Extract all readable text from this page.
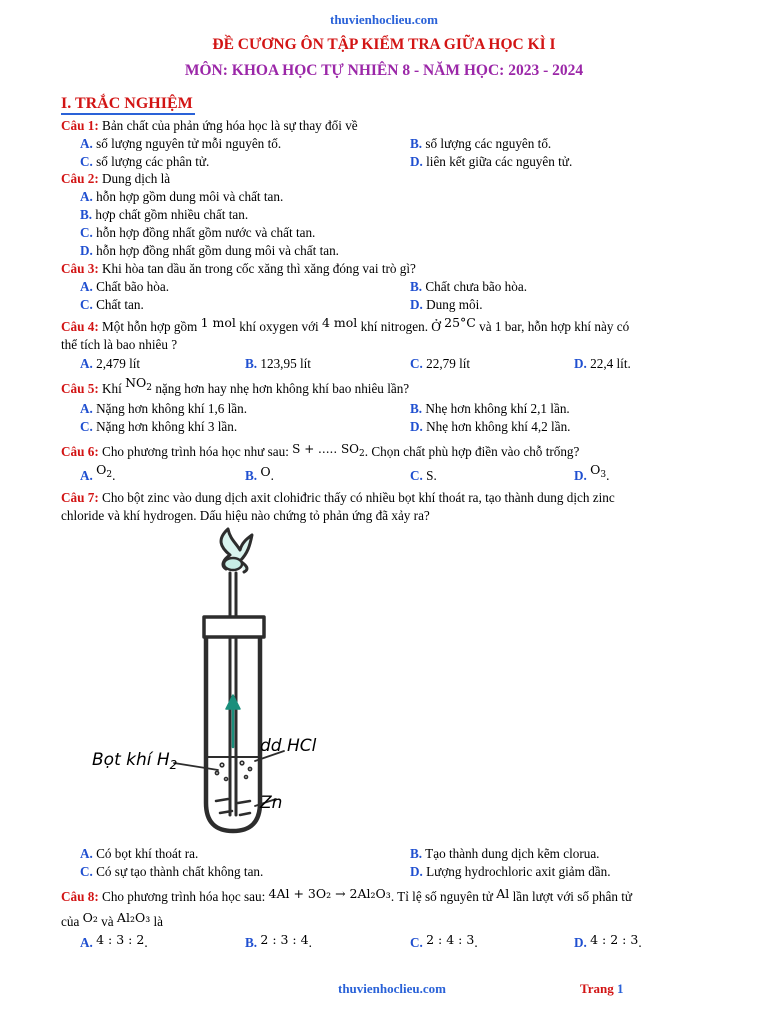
thuvienhoclieu.com
ĐỀ CƯƠNG ÔN TẬP KIỂM TRA GIỮA HỌC KÌ I
MÔN: KHOA HỌC TỰ NHIÊN 8 - NĂM HỌC: 2023 - 2024
I. TRẮC NGHIỆM
Câu 1: Bản chất của phản ứng hóa học là sự thay đổi về
A. số lượng nguyên tử mỗi nguyên tố.	B. số lượng các nguyên tố.
C. số lượng các phân tử.	D. liên kết giữa các nguyên tử.
Câu 2: Dung dịch là
A. hỗn hợp gồm dung môi và chất tan.
B. hợp chất gồm nhiều chất tan.
C. hỗn hợp đồng nhất gồm nước và chất tan.
D. hỗn hợp đồng nhất gồm dung môi và chất tan.
Câu 3: Khi hòa tan dầu ăn trong cốc xăng thì xăng đóng vai trò gì?
A. Chất bão hòa.	B. Chất chưa bão hòa.
C. Chất tan.	D. Dung môi.
Câu 4: Một hỗn hợp gồm 1 mol khí oxygen với 4 mol khí nitrogen. Ở 25°C và 1 bar, hỗn hợp khí này có
thể tích là bao nhiêu ?
A. 2,479 lít	B. 123,95 lít	C. 22,79 lít	D. 22,4 lít.
Câu 5: Khí $NO_2$ nặng hơn hay nhẹ hơn không khí bao nhiêu lần?
A. Nặng hơn không khí 1,6 lần.	B. Nhẹ hơn không khí 2,1 lần.
C. Nặng hơn không khí 3 lần.	D. Nhẹ hơn không khí 4,2 lần.
Câu 6: Cho phương trình hóa học như sau: S + ..... $SO_2$. Chọn chất phù hợp điền vào chỗ trống?
A. $O_2$.	B. O.	C. S.	D. $O_3$.
Câu 7: Cho bột zinc vào dung dịch axit clohiđric thấy có nhiều bọt khí thoát ra, tạo thành dung dịch zinc
chloride và khí hydrogen. Dấu hiệu nào chứng tỏ phản ứng đã xảy ra?
Bọt khí $H_2$
dd HCl
Zn
A. Có bọt khí thoát ra.	B. Tạo thành dung dịch kẽm clorua.
C. Có sự tạo thành chất không tan.	D. Lượng hydrochloric axit giảm dần.
Câu 8: Cho phương trình hóa học sau: 4Al + 3O₂ → 2Al₂O₃. Tỉ lệ số nguyên tử Al lần lượt với số phân tử
của O₂ và Al₂O₃ là
A. 4 : 3 : 2.	B. 2 : 3 : 4.	C. 2 : 4 : 3.	D. 4 : 2 : 3.
thuvienhoclieu.com	Trang 1
